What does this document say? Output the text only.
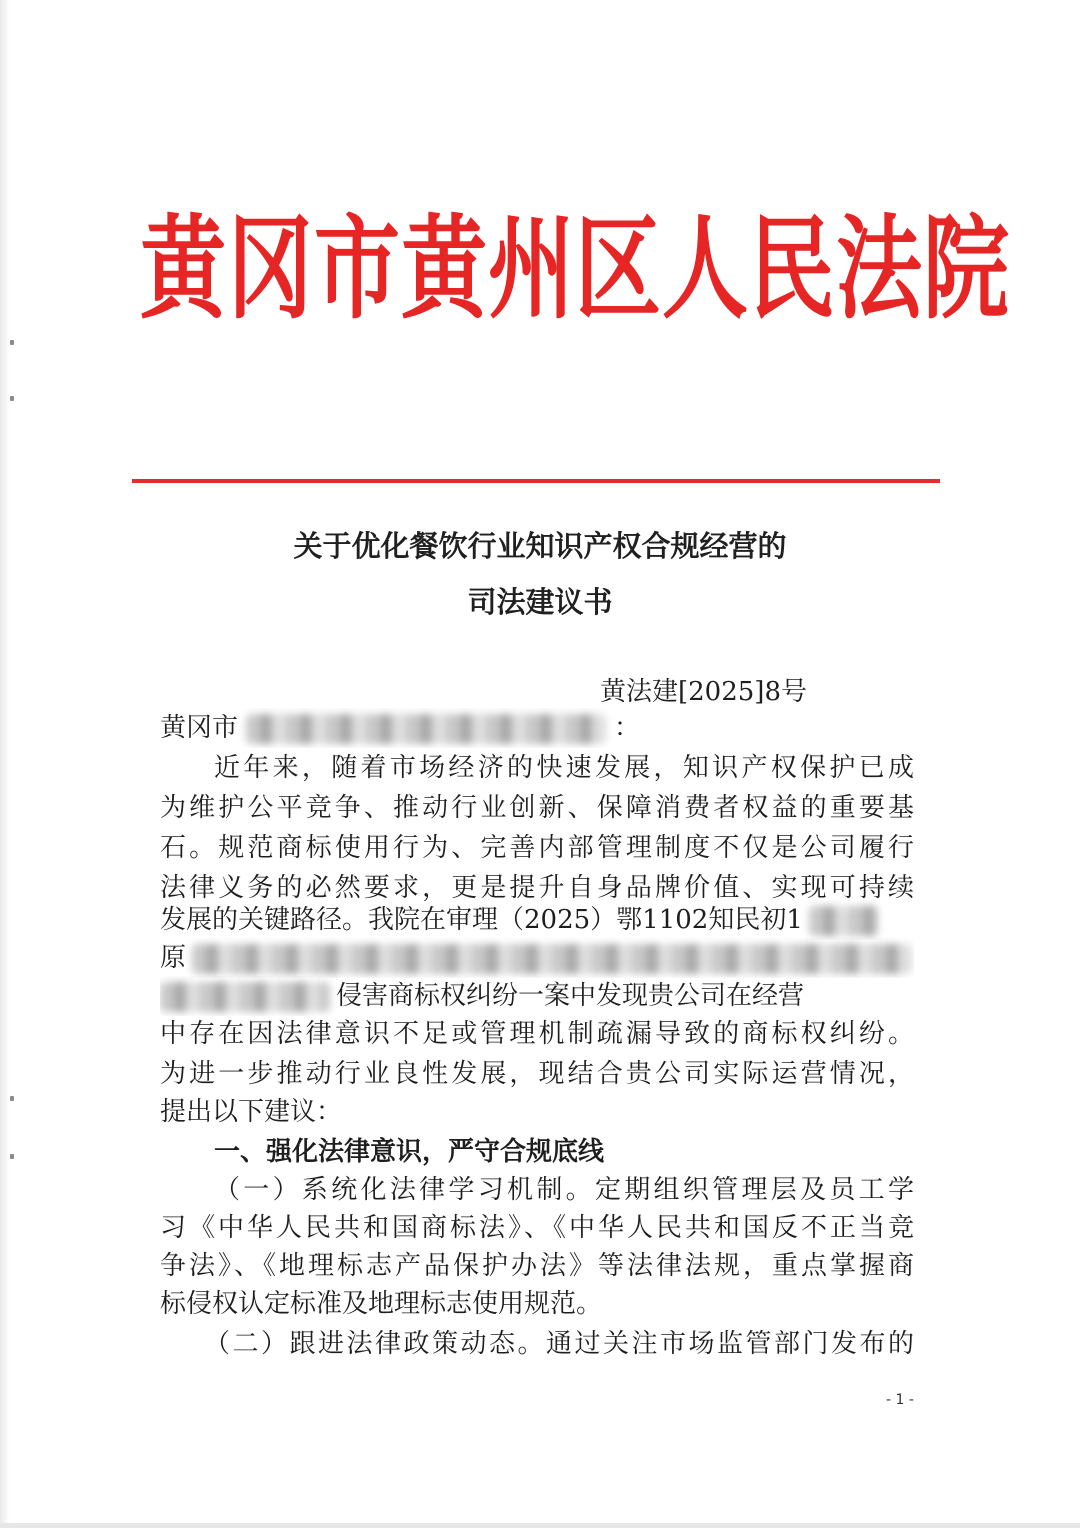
黄冈市黄州区人民法院
关于优化餐饮行业知识产权合规经营的
司法建议书
黄法建[2025]8号
黄冈市	：
近年来，随着市场经济的快速发展，知识产权保护已成
为维护公平竞争、推动行业创新、保障消费者权益的重要基
石。规范商标使用行为、完善内部管理制度不仅是公司履行
法律义务的必然要求，更是提升自身品牌价值、实现可持续
发展的关键路径。我院在审理（2025）鄂1102知民初1
原
侵害商标权纠纷一案中发现贵公司在经营
中存在因法律意识不足或管理机制疏漏导致的商标权纠纷。
为进一步推动行业良性发展，现结合贵公司实际运营情况，
提出以下建议：
一、强化法律意识，严守合规底线
（一）系统化法律学习机制。定期组织管理层及员工学
习《中华人民共和国商标法》、《中华人民共和国反不正当竞
争法》、《地理标志产品保护办法》等法律法规，重点掌握商
标侵权认定标准及地理标志使用规范。
（二）跟进法律政策动态。通过关注市场监管部门发布的
- 1 -
